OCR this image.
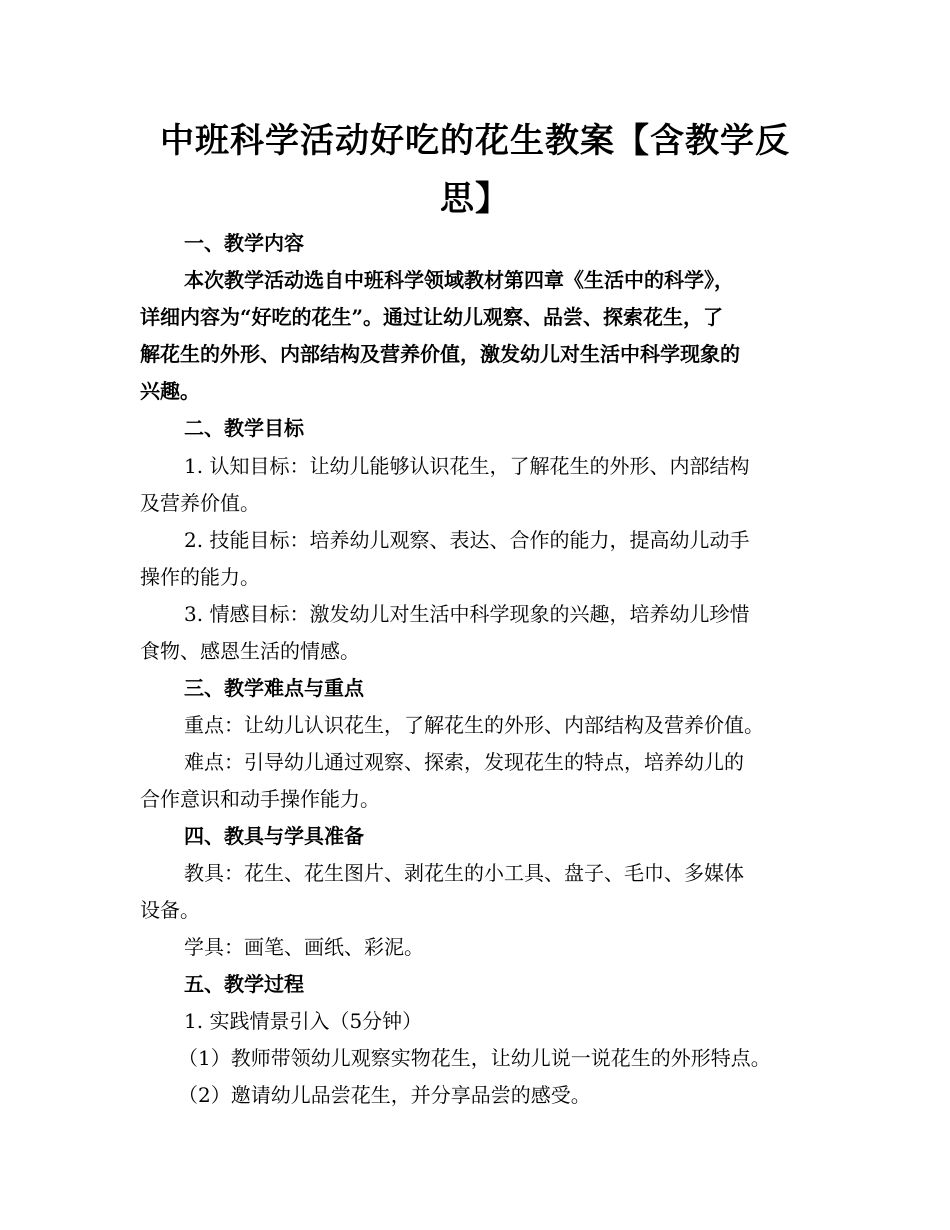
中班科学活动好吃的花生教案【含教学反思】
一、教学内容
本次教学活动选自中班科学领域教材第四章《生活中的科学》，
详细内容为“好吃的花生”。通过让幼儿观察、品尝、探索花生，了
解花生的外形、内部结构及营养价值，激发幼儿对生活中科学现象的
兴趣。
二、教学目标
1. 认知目标：让幼儿能够认识花生，了解花生的外形、内部结构
及营养价值。
2. 技能目标：培养幼儿观察、表达、合作的能力，提高幼儿动手
操作的能力。
3. 情感目标：激发幼儿对生活中科学现象的兴趣，培养幼儿珍惜
食物、感恩生活的情感。
三、教学难点与重点
重点：让幼儿认识花生，了解花生的外形、内部结构及营养价值。
难点：引导幼儿通过观察、探索，发现花生的特点，培养幼儿的
合作意识和动手操作能力。
四、教具与学具准备
教具：花生、花生图片、剥花生的小工具、盘子、毛巾、多媒体
设备。
学具：画笔、画纸、彩泥。
五、教学过程
1. 实践情景引入（5分钟）
（1）教师带领幼儿观察实物花生，让幼儿说一说花生的外形特点。
（2）邀请幼儿品尝花生，并分享品尝的感受。
